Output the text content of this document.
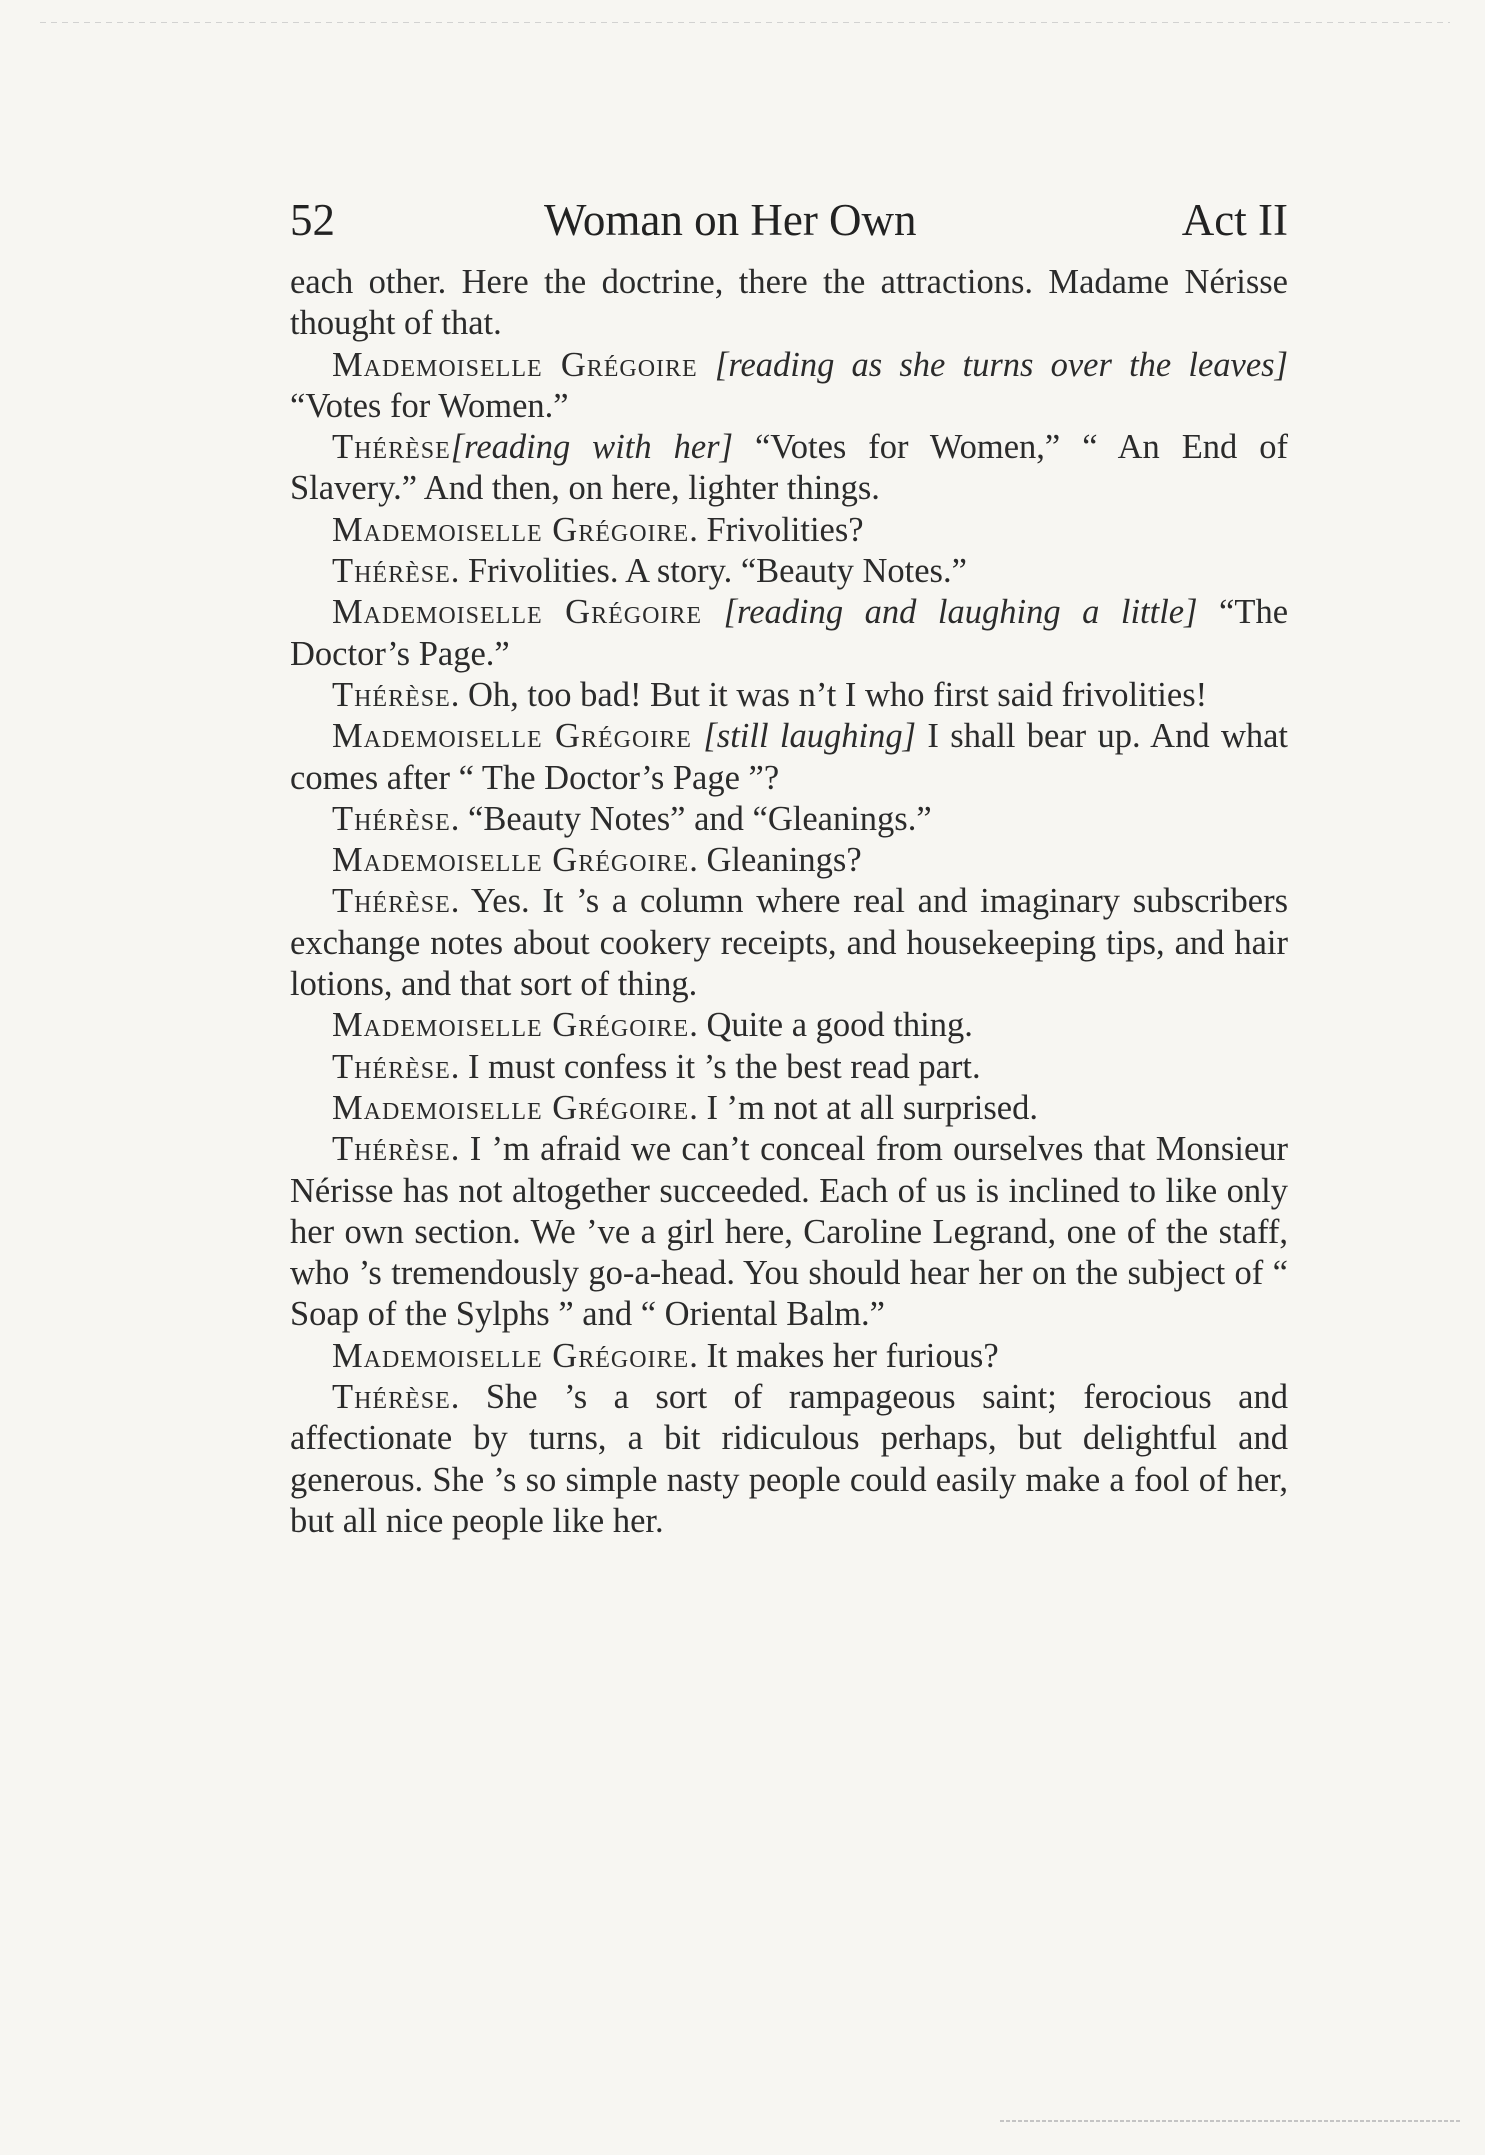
52	Woman on Her Own	Act II

each other. Here the doctrine, there the attractions. Madame Nérisse thought of that.

Mademoiselle Grégoire [reading as she turns over the leaves] “Votes for Women.”

Thérèse[reading with her] “Votes for Women,” “ An End of Slavery.” And then, on here, lighter things.

Mademoiselle Grégoire. Frivolities?

Thérèse. Frivolities. A story. “Beauty Notes.”

Mademoiselle Grégoire [reading and laughing a little] “The Doctor’s Page.”

Thérèse. Oh, too bad! But it was n’t I who first said frivolities!

Mademoiselle Grégoire [still laughing] I shall bear up. And what comes after “ The Doctor’s Page ”?

Thérèse. “Beauty Notes” and “Gleanings.”

Mademoiselle Grégoire. Gleanings?

Thérèse. Yes. It ’s a column where real and imaginary subscribers exchange notes about cookery receipts, and housekeeping tips, and hair lotions, and that sort of thing.

Mademoiselle Grégoire. Quite a good thing.

Thérèse. I must confess it ’s the best read part.

Mademoiselle Grégoire. I ’m not at all surprised.

Thérèse. I ’m afraid we can’t conceal from ourselves that Monsieur Nérisse has not altogether succeeded. Each of us is inclined to like only her own section. We ’ve a girl here, Caroline Legrand, one of the staff, who ’s tremendously go-a-head. You should hear her on the subject of “ Soap of the Sylphs ” and “ Oriental Balm.”

Mademoiselle Grégoire. It makes her furious?

Thérèse. She ’s a sort of rampageous saint; ferocious and affectionate by turns, a bit ridiculous perhaps, but delightful and generous. She ’s so simple nasty people could easily make a fool of her, but all nice people like her.
